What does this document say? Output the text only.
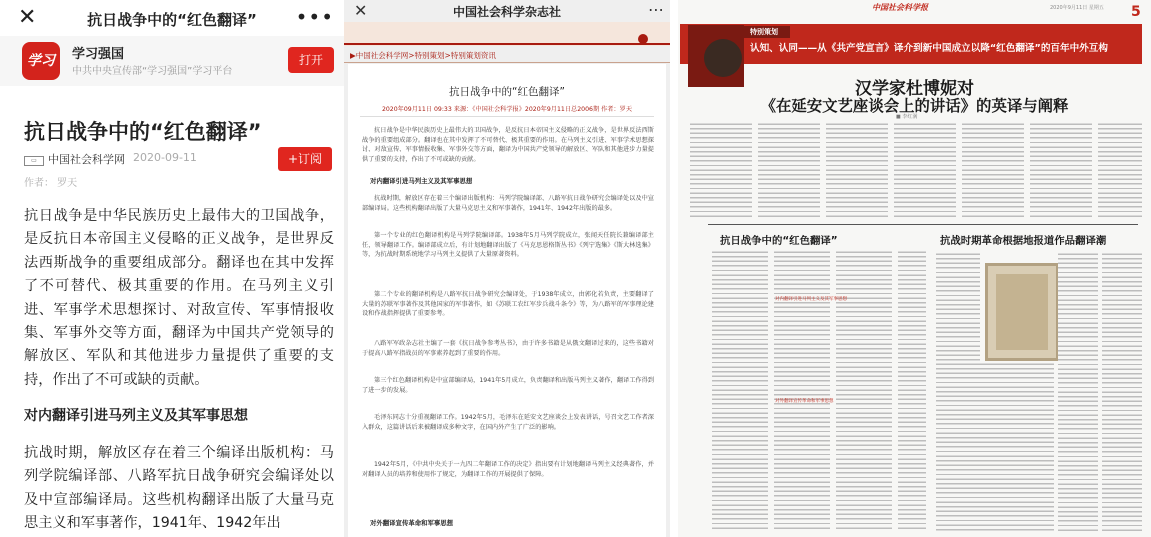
✕	抗日战争中的“红色翻译”	•••
学习	学习强国
中共中央宣传部“学习强国”学习平台
打开
抗日战争中的“红色翻译”
▭	中国社会科学网 2020-09-11	+订阅
作者： 罗天

抗日战争是中华民族历史上最伟大的卫国战争，是反抗日本帝国主义侵略的正义战争，是世界反法西斯战争的重要组成部分。翻译也在其中发挥了不可替代、极其重要的作用。在马列主义引进、军事学术思想探讨、对敌宣传、军事情报收集、军事外交等方面，翻译为中国共产党领导的解放区、军队和其他进步力量提供了重要的支持，作出了不可或缺的贡献。

对内翻译引进马列主义及其军事思想

抗战时期，解放区存在着三个编译出版机构：马列学院编译部、八路军抗日战争研究会编译处以及中宣部编译局。这些机构翻译出版了大量马克思主义和军事著作，1941年、1942年出

✕	中国社会科学杂志社	⋯
▶中国社会科学网>特别策划>特别策划资讯
抗日战争中的“红色翻译”
2020年09月11日 09:33 来源：《中国社会科学报》2020年9月11日总2006期 作者：罗天

抗日战争是中华民族历史上最伟大的卫国战争，是反抗日本帝国主义侵略的正义战争，是世界反法西斯战争的重要组成部分。翻译也在其中发挥了不可替代、极其重要的作用。在马列主义引进、军事学术思想探讨、对敌宣传、军事情报收集、军事外交等方面，翻译为中国共产党领导的解放区、军队和其他进步力量提供了重要的支持，作出了不可或缺的贡献。

对内翻译引进马列主义及其军事思想

抗战时期，解放区存在着三个编译出版机构：马列学院编译部、八路军抗日战争研究会编译处以及中宣部编译局。这些机构翻译出版了大量马克思主义和军事著作，1941年、1942年出版的最多。

第一个专业的红色翻译机构是马列学院编译部。1938年5月马列学院成立，张闻天任院长兼编译部主任，领导翻译工作。编译部成立后，有计划地翻译出版了《马克思恩格斯丛书》《列宁选集》《斯大林选集》等，为抗战时期系统地学习马列主义提供了大量原著资料。

第二个专业的翻译机构是八路军抗日战争研究会编译处，于1938年成立，由郭化若负责，主要翻译了大量的苏联军事著作及其他国家的军事著作，如《苏联工农红军步兵战斗条令》等，为八路军的军事理论建设和作战指挥提供了重要参考。

八路军军政杂志社主编了一套《抗日战争参考丛书》，由于许多书籍是从俄文翻译过来的，这些书籍对于提高八路军指战员的军事素养起到了重要的作用。

第三个红色翻译机构是中宣部编译局，1941年5月成立，负责翻译和出版马列主义著作，翻译工作得到了进一步的发展。

毛泽东同志十分重视翻译工作。1942年5月，毛泽东在延安文艺座谈会上发表讲话，号召文艺工作者深入群众，这篇讲话后来被翻译成多种文字，在国内外产生了广泛的影响。

1942年5月，《中共中央关于一九四二年翻译工作的决定》指出要有计划地翻译马列主义经典著作，并对翻译人员的培养和使用作了规定，为翻译工作的开展提供了保障。

对外翻译宣传革命和军事思想
中国社会科学报	2020年9月11日 星期五 5
特别策划
认知、认同——从《共产党宣言》译介到新中国成立以降“红色翻译”的百年中外互构
汉学家杜博妮对
《在延安文艺座谈会上的讲话》的英译与阐释
■ 李红满
抗日战争中的“红色翻译”	抗战时期革命根据地报道作品翻译潮
对内翻译引进马列主义及其军事思想
对外翻译宣传革命和军事思想
